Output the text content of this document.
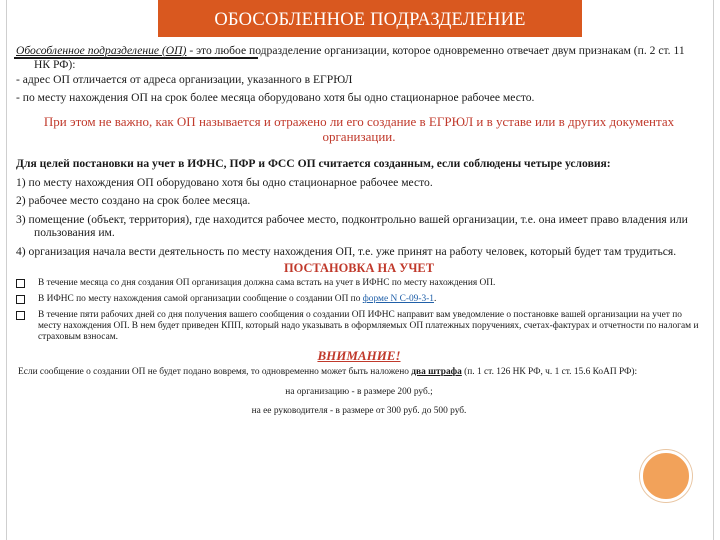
ОБОСОБЛЕННОЕ ПОДРАЗДЕЛЕНИЕ

Обособленное подразделение (ОП) - это любое подразделение организации, которое одновременно отвечает двум признакам (п. 2 ст. 11 НК РФ):

- адрес ОП отличается от адреса организации, указанного в ЕГРЮЛ

- по месту нахождения ОП на срок более месяца оборудовано хотя бы одно стационарное рабочее место.

При этом не важно, как ОП называется и отражено ли его создание в ЕГРЮЛ и в уставе или в других документах организации.

Для целей постановки на учет в ИФНС, ПФР и ФСС ОП считается созданным, если соблюдены четыре условия:

1) по месту нахождения ОП оборудовано хотя бы одно стационарное рабочее место.

2) рабочее место создано на срок более месяца.

3) помещение (объект, территория), где находится рабочее место, подконтрольно вашей организации, т.е. она имеет право владения или пользования им.

4) организация начала вести деятельность по месту нахождения ОП, т.е. уже принят на работу человек, который будет там трудиться.

ПОСТАНОВКА НА УЧЕТ

В течение месяца со дня создания ОП организация должна сама встать на учет в ИФНС по месту нахождения ОП.
В ИФНС по месту нахождения самой организации сообщение о создании ОП по форме N С-09-3-1.
В течение пяти рабочих дней со дня получения вашего сообщения о создании ОП ИФНС направит вам уведомление о постановке вашей организации на учет по месту нахождения ОП. В нем будет приведен КПП, который надо указывать в оформляемых ОП платежных поручениях, счетах-фактурах и отчетности по налогам и страховым взносам.

ВНИМАНИЕ!

Если сообщение о создании ОП не будет подано вовремя, то одновременно может быть наложено два штрафа (п. 1 ст. 126 НК РФ, ч. 1 ст. 15.6 КоАП РФ):

на организацию - в размере 200 руб.;

на ее руководителя - в размере от 300 руб. до 500 руб.
